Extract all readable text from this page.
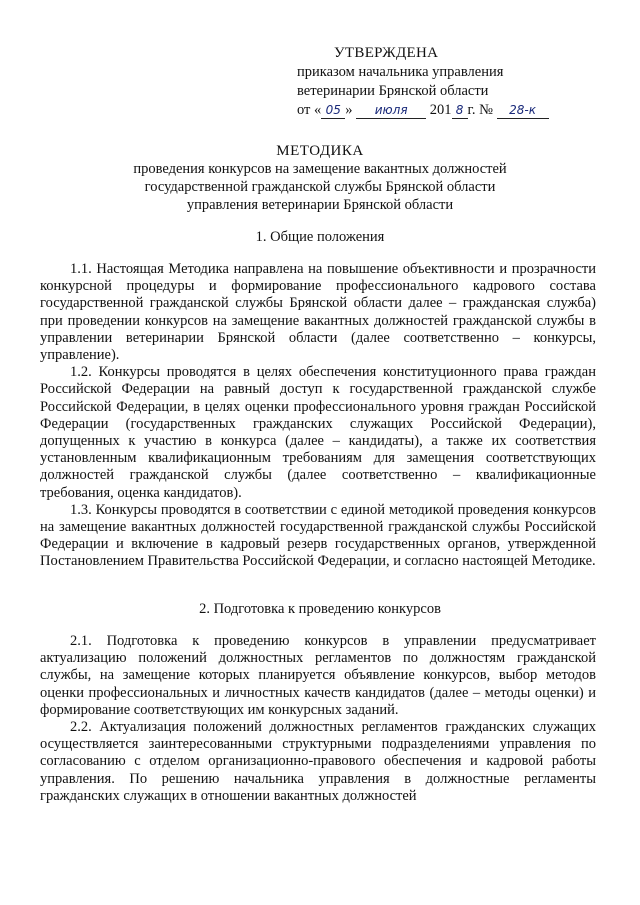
УТВЕРЖДЕНА
приказом начальника управления
ветеринарии Брянской области
от « 05 » июля 201 8 г. № 28-к
МЕТОДИКА
проведения конкурсов на замещение вакантных должностей
государственной гражданской службы Брянской области
управления ветеринарии Брянской области
1. Общие положения

1.1. Настоящая Методика направлена на повышение объективности и прозрачности конкурсной процедуры и формирование профессионального кадрового состава государственной гражданской службы Брянской области далее – гражданская служба) при проведении конкурсов на замещение вакантных должностей гражданской службы в управлении ветеринарии Брянской области (далее соответственно – конкурсы, управление).

1.2. Конкурсы проводятся в целях обеспечения конституционного права граждан Российской Федерации на равный доступ к государственной гражданской службе Российской Федерации, в целях оценки профессионального уровня граждан Российской Федерации (государственных гражданских служащих Российской Федерации), допущенных к участию в конкурса (далее – кандидаты), а также их соответствия установленным квалификационным требованиям для замещения соответствующих должностей гражданской службы (далее соответственно – квалификационные требования, оценка кандидатов).

1.3. Конкурсы проводятся в соответствии с единой методикой проведения конкурсов на замещение вакантных должностей государственной гражданской службы Российской Федерации и включение в кадровый резерв государственных органов, утвержденной Постановлением Правительства Российской Федерации, и согласно настоящей Методике.

2. Подготовка к проведению конкурсов

2.1. Подготовка к проведению конкурсов в управлении предусматривает актуализацию положений должностных регламентов по должностям гражданской службы, на замещение которых планируется объявление конкурсов, выбор методов оценки профессиональных и личностных качеств кандидатов (далее – методы оценки) и формирование соответствующих им конкурсных заданий.

2.2. Актуализация положений должностных регламентов гражданских служащих осуществляется заинтересованными структурными подразделениями управления по согласованию с отделом организационно-правового обеспечения и кадровой работы управления. По решению начальника управления в должностные регламенты гражданских служащих в отношении вакантных должностей
